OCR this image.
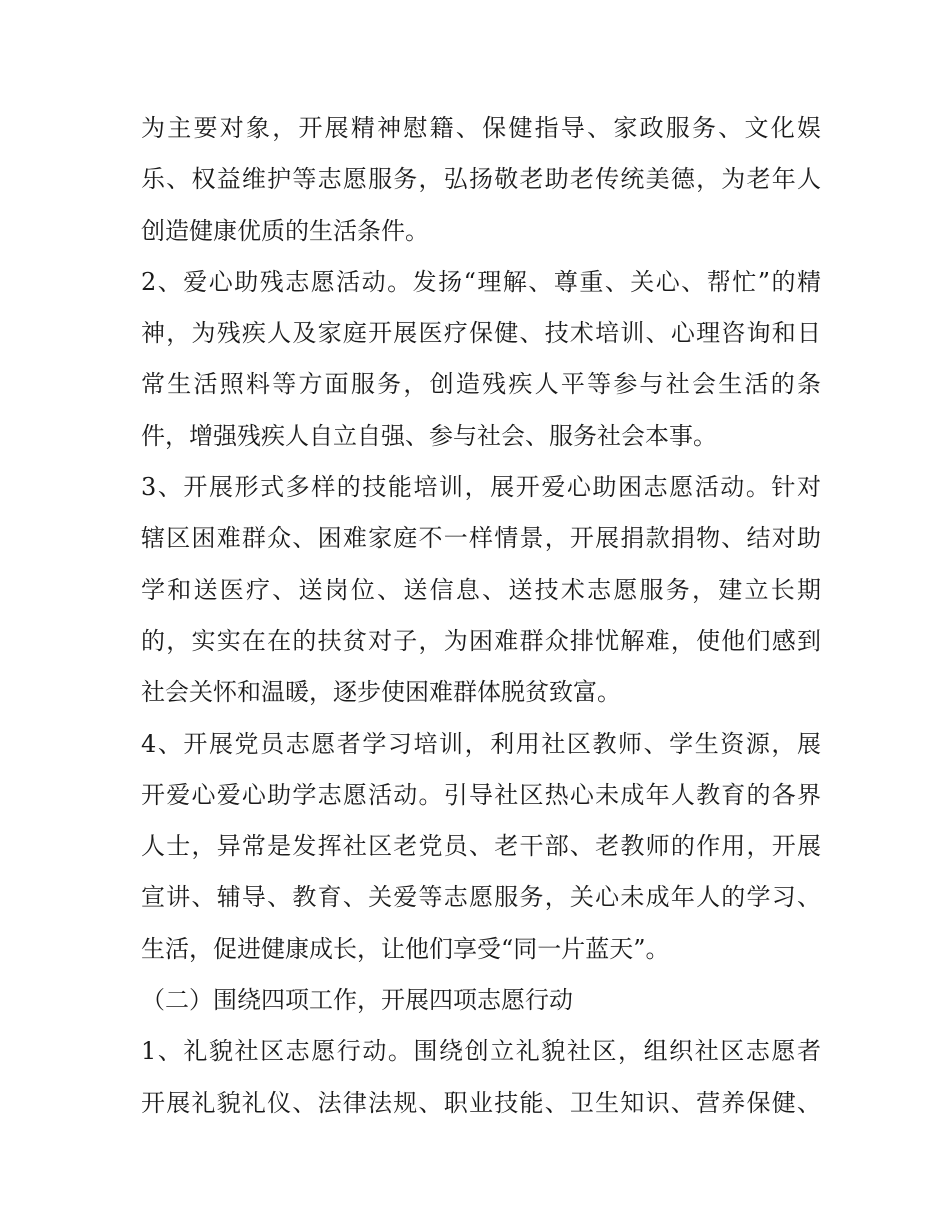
为主要对象，开展精神慰籍、保健指导、家政服务、文化娱
乐、权益维护等志愿服务，弘扬敬老助老传统美德，为老年人
创造健康优质的生活条件。
2、爱心助残志愿活动。发扬“理解、尊重、关心、帮忙”的精
神，为残疾人及家庭开展医疗保健、技术培训、心理咨询和日
常生活照料等方面服务，创造残疾人平等参与社会生活的条
件，增强残疾人自立自强、参与社会、服务社会本事。
3、开展形式多样的技能培训，展开爱心助困志愿活动。针对
辖区困难群众、困难家庭不一样情景，开展捐款捐物、结对助
学和送医疗、送岗位、送信息、送技术志愿服务，建立长期
的，实实在在的扶贫对子，为困难群众排忧解难，使他们感到
社会关怀和温暖，逐步使困难群体脱贫致富。
4、开展党员志愿者学习培训，利用社区教师、学生资源，展
开爱心爱心助学志愿活动。引导社区热心未成年人教育的各界
人士，异常是发挥社区老党员、老干部、老教师的作用，开展
宣讲、辅导、教育、关爱等志愿服务，关心未成年人的学习、
生活，促进健康成长，让他们享受“同一片蓝天”。
（二）围绕四项工作，开展四项志愿行动
1、礼貌社区志愿行动。围绕创立礼貌社区，组织社区志愿者
开展礼貌礼仪、法律法规、职业技能、卫生知识、营养保健、
